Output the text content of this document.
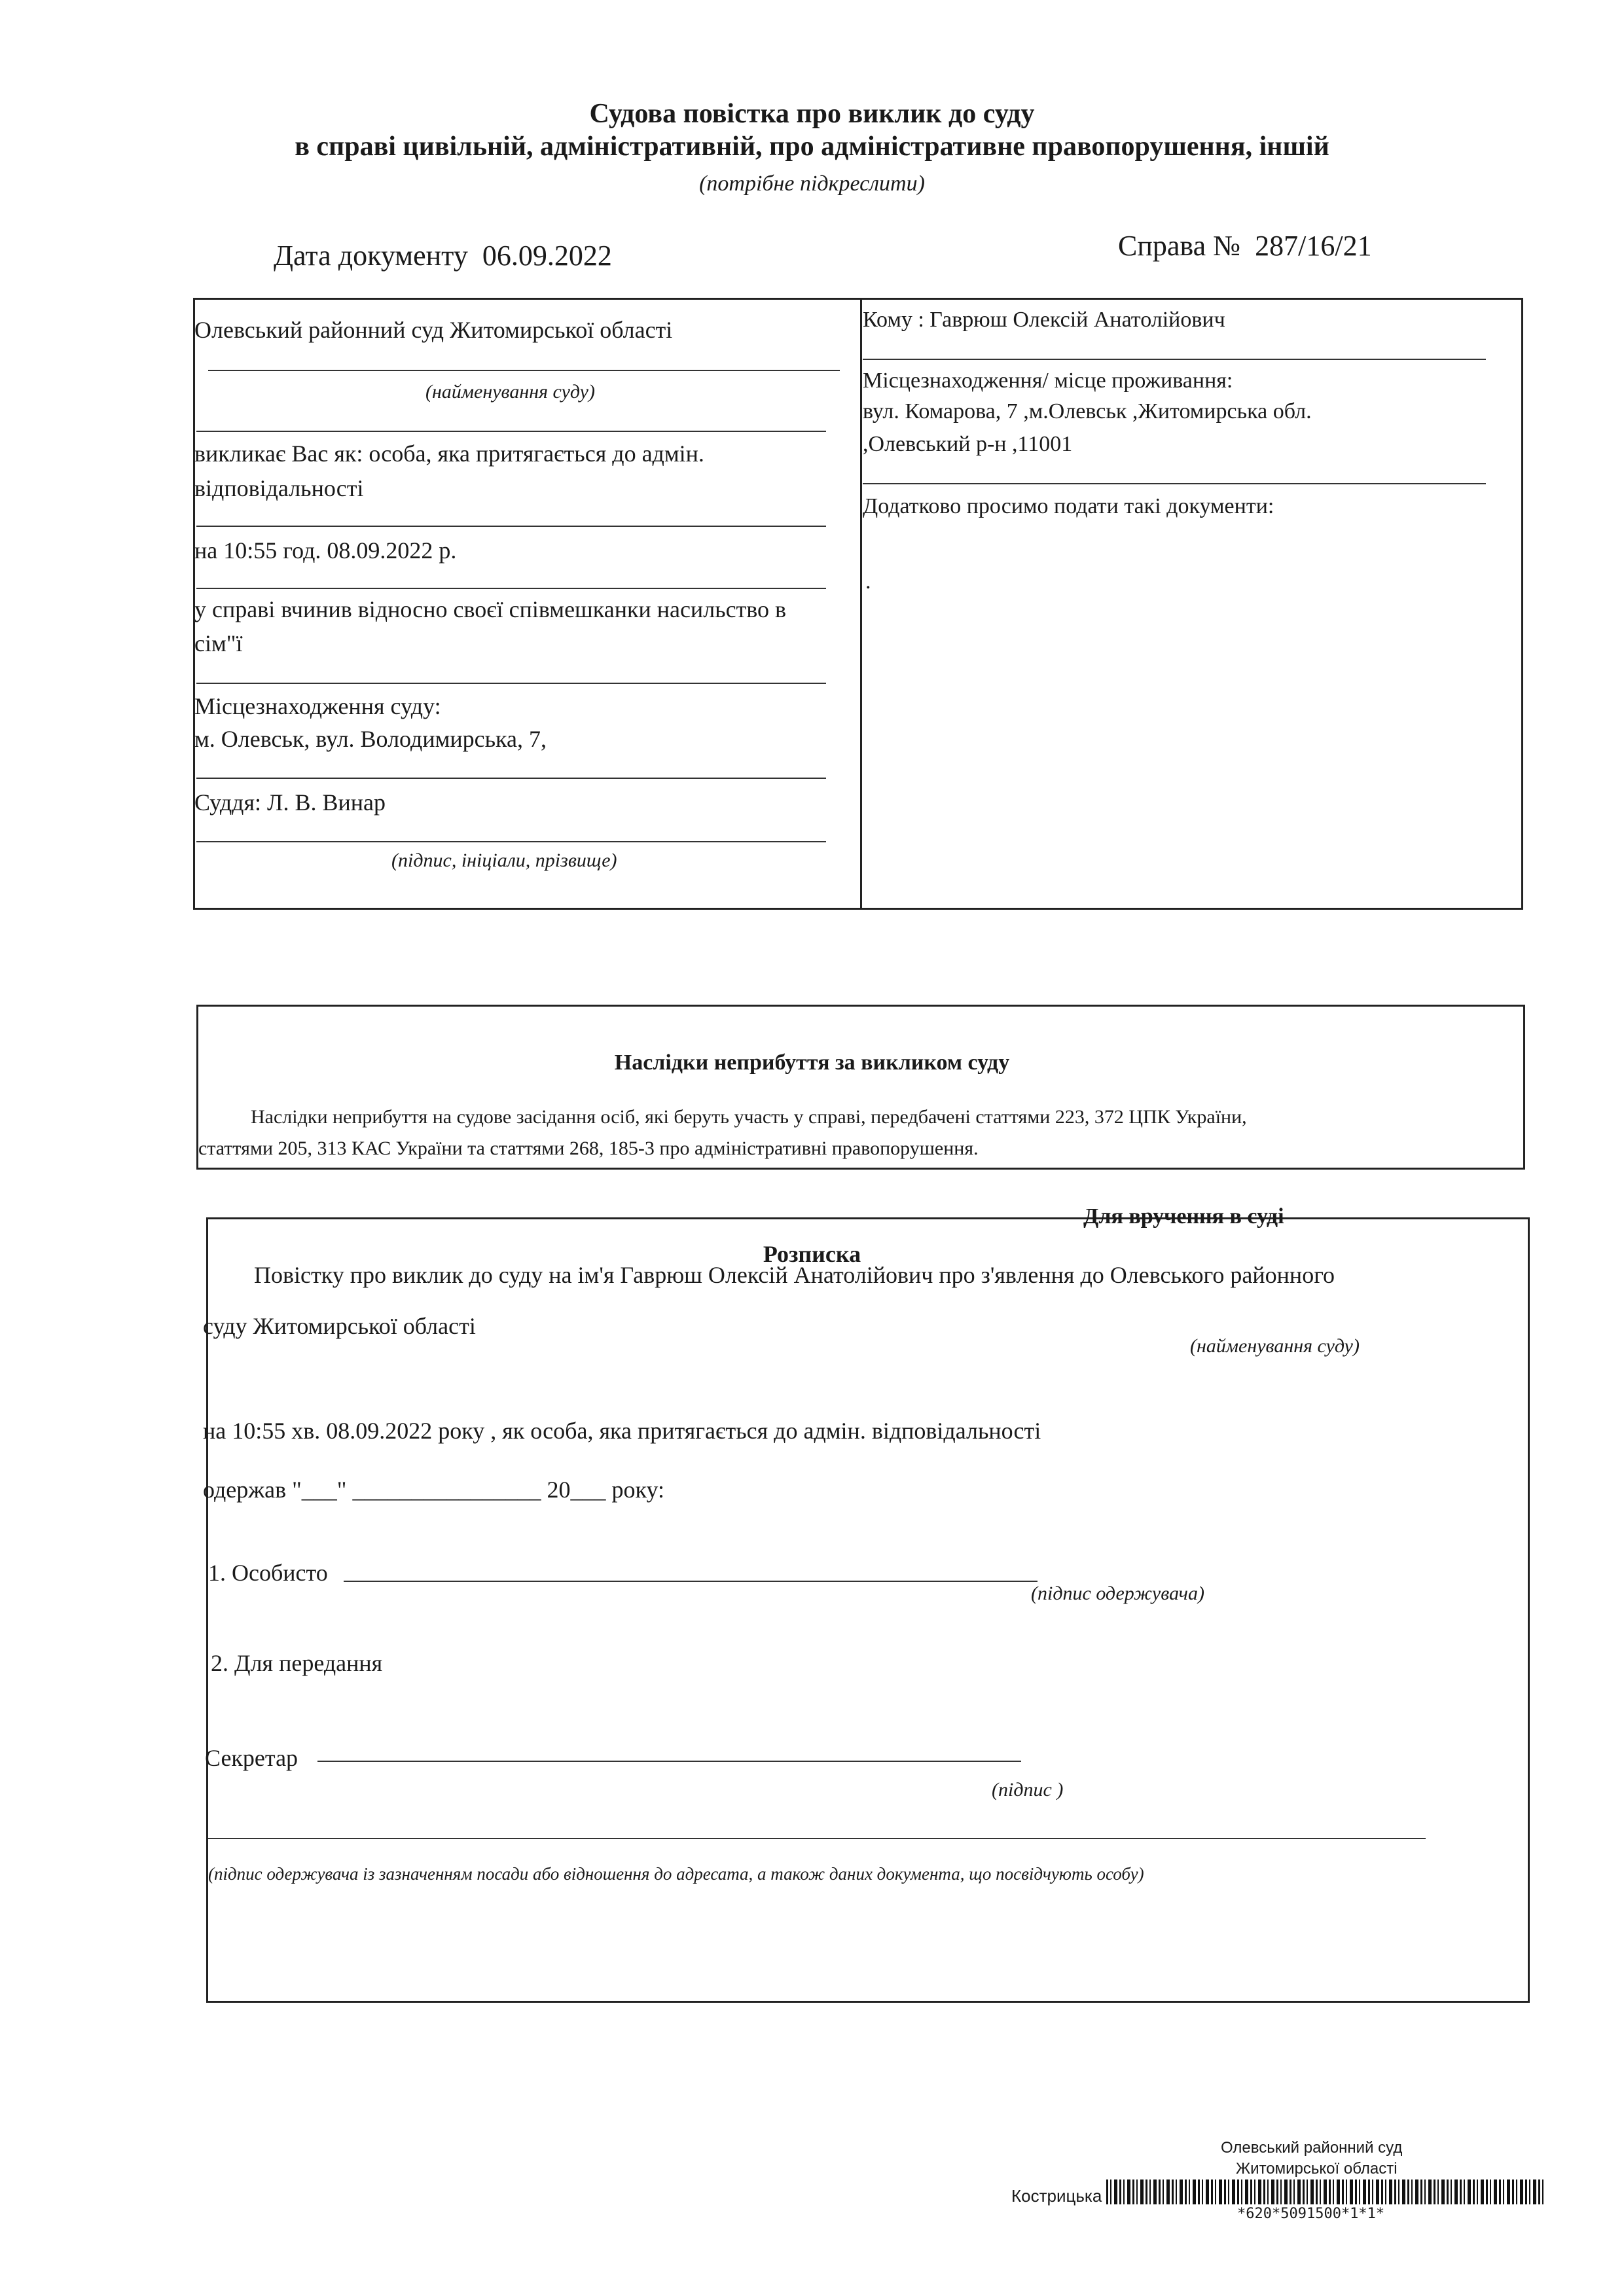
Судова повістка про виклик до суду
в справі цивільній, адміністративній, про адміністративне правопорушення, іншій
(потрібне підкреслити)
Дата документу 06.09.2022	Справа № 287/16/21
Олевський районний суд Житомирської області
(найменування суду)
викликає Вас як: особа, яка притягається до адмін.
відповідальності
на 10:55 год. 08.09.2022 р.
у справі вчинив відносно своєї співмешканки насильство в
сім"ї
Місцезнаходження суду:
м. Олевськ, вул. Володимирська, 7,
Суддя: Л. В. Винар
(підпис, ініціали, прізвище)
Кому : Гаврюш Олексій Анатолійович
Місцезнаходження/ місце проживання:
вул. Комарова, 7 ,м.Олевськ ,Житомирська обл.
,Олевський р-н ,11001
Додатково просимо подати такі документи:
.
Наслідки неприбуття за викликом суду
Наслідки неприбуття на судове засідання осіб, які беруть участь у справі, передбачені статтями 223, 372 ЦПК України,
статтями 205, 313 КАС України та статтями 268, 185-3 про адміністративні правопорушення.
Для вручення в суді
Розписка
Повістку про виклик до суду на ім'я Гаврюш Олексій Анатолійович про з'явлення до Олевського районного
суду Житомирської області
(найменування суду)
на 10:55 хв. 08.09.2022 року , як особа, яка притягається до адмін. відповідальності
одержав "___" ________________ 20___ року:
1. Особисто
(підпис одержувача)
2. Для передання
Секретар
(підпис )
(підпис одержувача із зазначенням посади або відношення до адресата, а також даних документа, що посвідчують особу)
Олевський районний суд
Житомирської області
Кострицька
*620*5091500*1*1*
